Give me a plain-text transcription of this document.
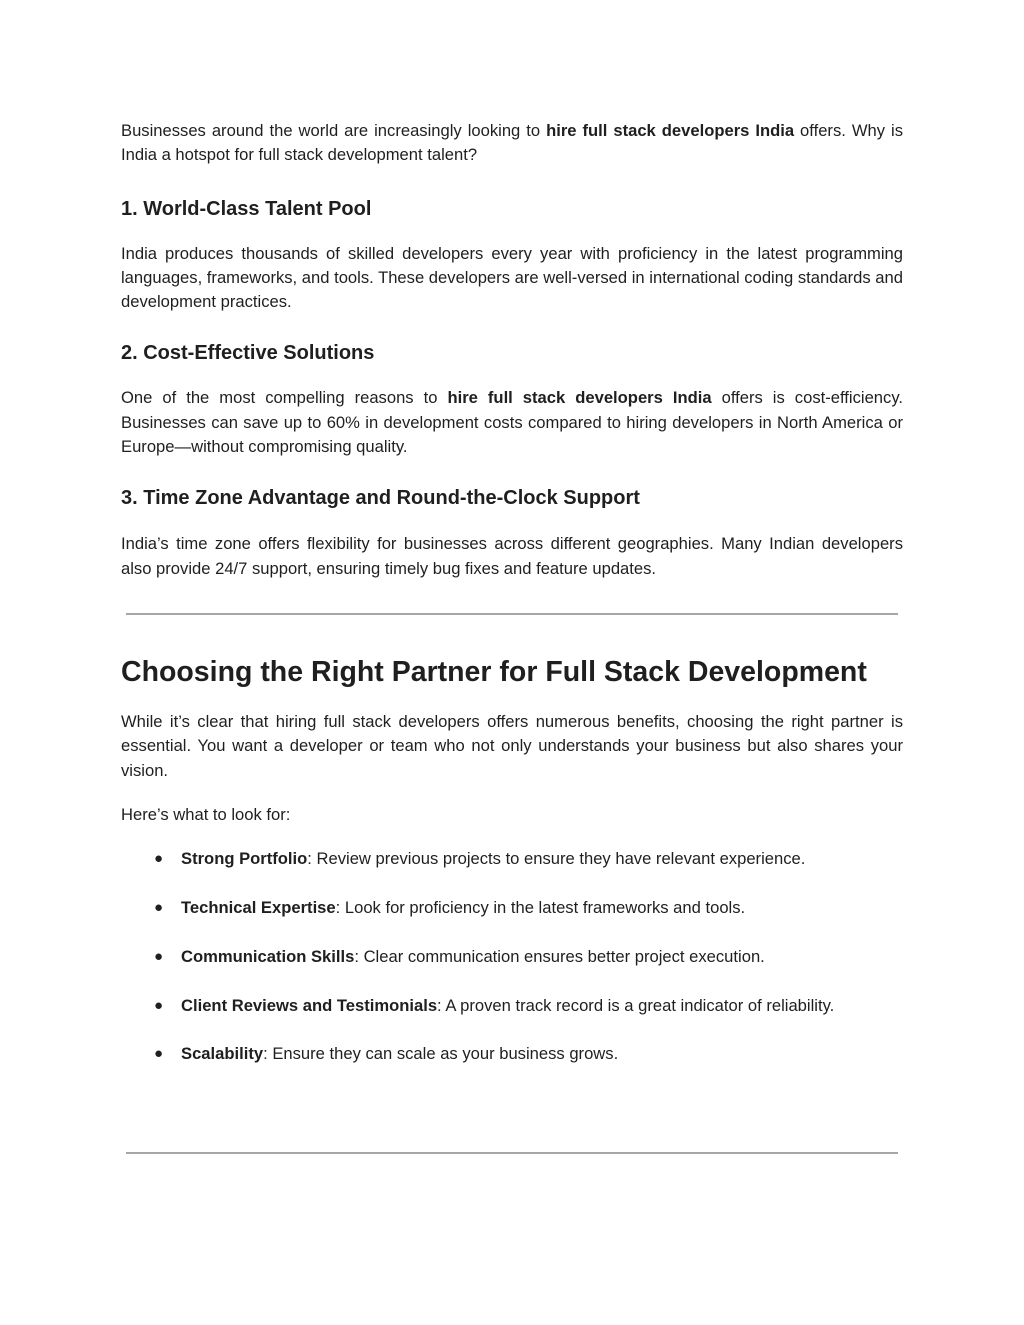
Businesses around the world are increasingly looking to hire full stack developers India offers. Why is India a hotspot for full stack development talent?

1. World-Class Talent Pool

India produces thousands of skilled developers every year with proficiency in the latest programming languages, frameworks, and tools. These developers are well-versed in international coding standards and development practices.

2. Cost-Effective Solutions

One of the most compelling reasons to hire full stack developers India offers is cost-efficiency. Businesses can save up to 60% in development costs compared to hiring developers in North America or Europe—without compromising quality.

3. Time Zone Advantage and Round-the-Clock Support

India’s time zone offers flexibility for businesses across different geographies. Many Indian developers also provide 24/7 support, ensuring timely bug fixes and feature updates.

Choosing the Right Partner for Full Stack Development

While it’s clear that hiring full stack developers offers numerous benefits, choosing the right partner is essential. You want a developer or team who not only understands your business but also shares your vision.

Here’s what to look for:

● Strong Portfolio: Review previous projects to ensure they have relevant experience.
● Technical Expertise: Look for proficiency in the latest frameworks and tools.
● Communication Skills: Clear communication ensures better project execution.
● Client Reviews and Testimonials: A proven track record is a great indicator of reliability.
● Scalability: Ensure they can scale as your business grows.
